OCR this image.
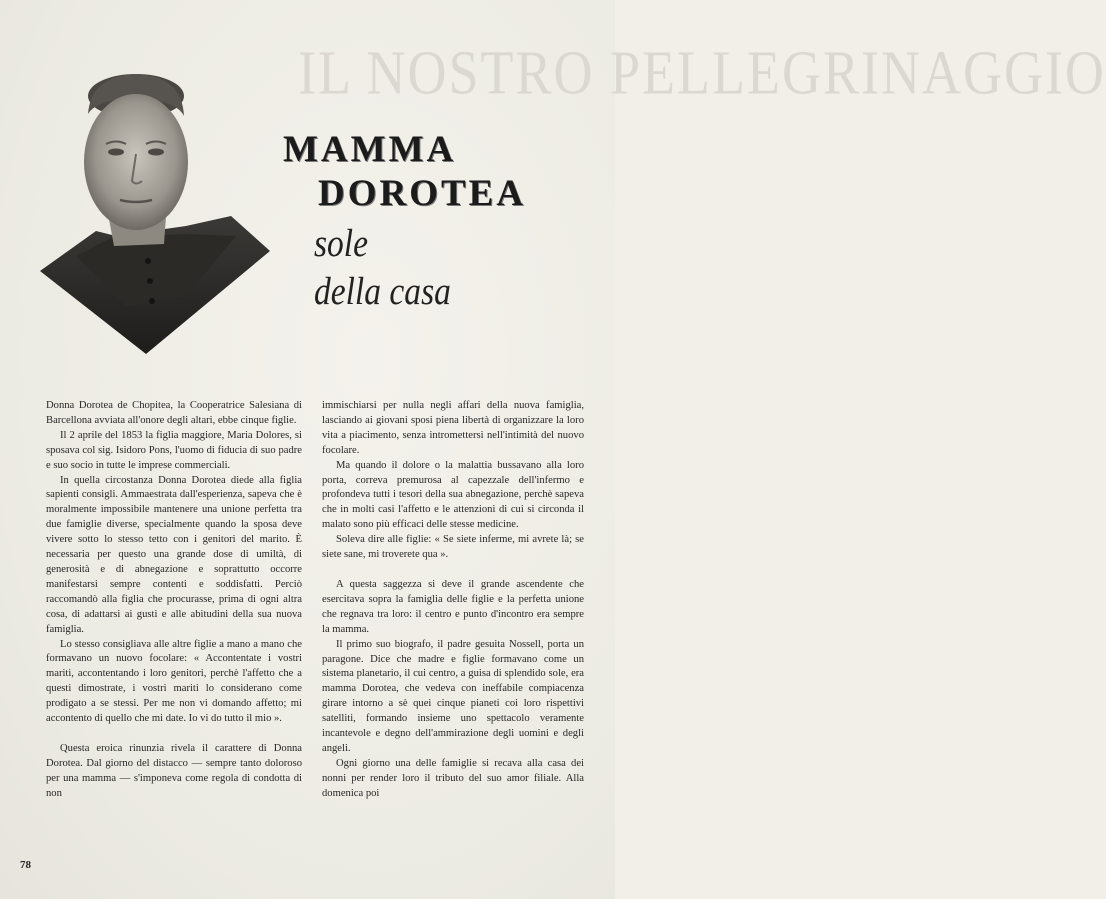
IL NOSTRO PELLEGRINAGGIO
MAMMA
DOROTEA
sole
della casa

Donna Dorotea de Chopitea, la Cooperatrice Salesiana di Barcellona avviata all'onore degli altari, ebbe cinque figlie.

Il 2 aprile del 1853 la figlia maggiore, Maria Dolores, si sposava col sig. Isidoro Pons, l'uomo di fiducia di suo padre e suo socio in tutte le imprese commerciali.

In quella circostanza Donna Dorotea diede alla figlia sapienti consigli. Ammaestrata dall'esperienza, sapeva che è moralmente impossibile mantenere una unione perfetta tra due famiglie diverse, specialmente quando la sposa deve vivere sotto lo stesso tetto con i genitori del marito. È necessaria per questo una grande dose di umiltà, di generosità e di abnegazione e soprattutto occorre manifestarsi sempre contenti e soddisfatti. Perciò raccomandò alla figlia che procurasse, prima di ogni altra cosa, di adattarsi ai gusti e alle abitudini della sua nuova famiglia.

Lo stesso consigliava alle altre figlie a mano a mano che formavano un nuovo focolare: « Accontentate i vostri mariti, accontentando i loro genitori, perchè l'affetto che a questi dimostrate, i vostri mariti lo considerano come prodigato a se stessi. Per me non vi domando affetto; mi accontento di quello che mi date. Io vi do tutto il mio ».

Questa eroica rinunzia rivela il carattere di Donna Dorotea. Dal giorno del distacco — sempre tanto doloroso per una mamma — s'imponeva come regola di condotta di non

immischiarsi per nulla negli affari della nuova famiglia, lasciando ai giovani sposi piena libertà di organizzare la loro vita a piacimento, senza intromettersi nell'intimità del nuovo focolare.

Ma quando il dolore o la malattia bussavano alla loro porta, correva premurosa al capezzale dell'infermo e profondeva tutti i tesori della sua abnegazione, perchè sapeva che in molti casi l'affetto e le attenzioni di cui si circonda il malato sono più efficaci delle stesse medicine.

Soleva dire alle figlie: « Se siete inferme, mi avrete là; se siete sane, mi troverete qua ».

A questa saggezza si deve il grande ascendente che esercitava sopra la famiglia delle figlie e la perfetta unione che regnava tra loro: il centro e punto d'incontro era sempre la mamma.

Il primo suo biografo, il padre gesuita Nossell, porta un paragone. Dice che madre e figlie formavano come un sistema planetario, il cui centro, a guisa di splendido sole, era mamma Dorotea, che vedeva con ineffabile compiacenza girare intorno a sè quei cinque pianeti coi loro rispettivi satelliti, formando insieme uno spettacolo veramente incantevole e degno dell'ammirazione degli uomini e degli angeli.

Ogni giorno una delle famiglie si recava alla casa dei nonni per render loro il tributo del suo amor filiale. Alla domenica poi

78
